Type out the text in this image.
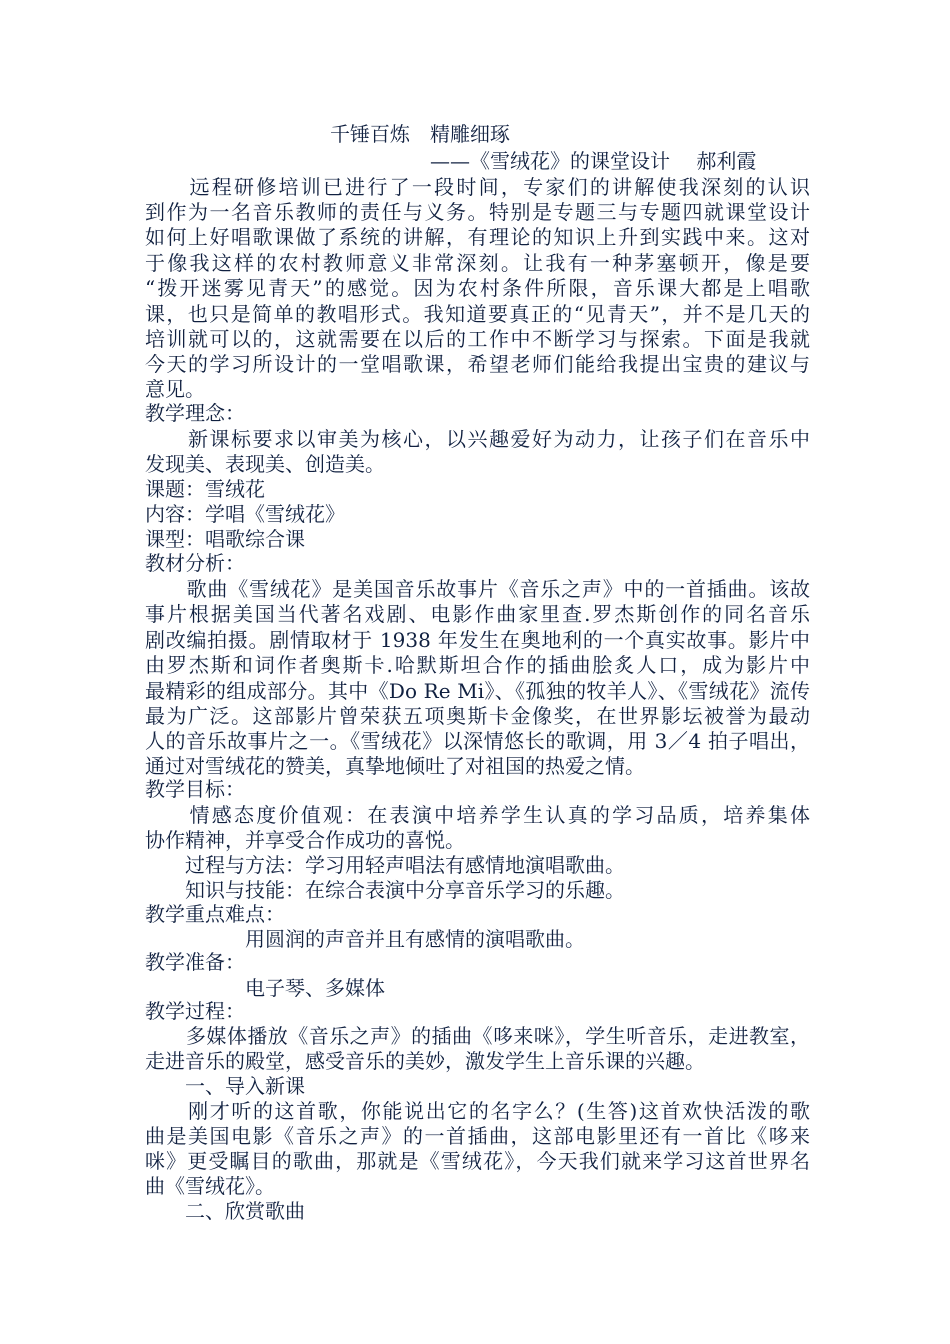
千锤百炼　精雕细琢
——《雪绒花》的课堂设计　 郝利霞
　　远程研修培训已进行了一段时间，专家们的讲解使我深刻的认识
到作为一名音乐教师的责任与义务。特别是专题三与专题四就课堂设计
如何上好唱歌课做了系统的讲解，有理论的知识上升到实践中来。这对
于像我这样的农村教师意义非常深刻。让我有一种茅塞顿开，像是要
“拨开迷雾见青天”的感觉。因为农村条件所限，音乐课大都是上唱歌
课，也只是简单的教唱形式。我知道要真正的“见青天”，并不是几天的
培训就可以的，这就需要在以后的工作中不断学习与探索。下面是我就
今天的学习所设计的一堂唱歌课，希望老师们能给我提出宝贵的建议与
意见。
教学理念：
　　新课标要求以审美为核心，以兴趣爱好为动力，让孩子们在音乐中
发现美、表现美、创造美。
课题：雪绒花
内容：学唱《雪绒花》
课型：唱歌综合课
教材分析：
　　歌曲《雪绒花》是美国音乐故事片《音乐之声》中的一首插曲。该故
事片根据美国当代著名戏剧、电影作曲家里查.罗杰斯创作的同名音乐
剧改编拍摄。剧情取材于 1938 年发生在奥地利的一个真实故事。影片中
由罗杰斯和词作者奥斯卡.哈默斯坦合作的插曲脍炙人口，成为影片中
最精彩的组成部分。其中《Do Re Mi》、《孤独的牧羊人》、《雪绒花》流传
最为广泛。这部影片曾荣获五项奥斯卡金像奖，在世界影坛被誉为最动
人的音乐故事片之一。《雪绒花》以深情悠长的歌调，用 3／4 拍子唱出，
通过对雪绒花的赞美，真挚地倾吐了对祖国的热爱之情。
教学目标：
　　情感态度价值观：在表演中培养学生认真的学习品质，培养集体
协作精神，并享受合作成功的喜悦。
　　过程与方法：学习用轻声唱法有感情地演唱歌曲。
　　知识与技能：在综合表演中分享音乐学习的乐趣。
教学重点难点：
　　　　　用圆润的声音并且有感情的演唱歌曲。
教学准备：
　　　　　电子琴、多媒体
教学过程：
　　多媒体播放《音乐之声》的插曲《哆来咪》，学生听音乐，走进教室，
走进音乐的殿堂，感受音乐的美妙，激发学生上音乐课的兴趣。
　　一、导入新课
　　刚才听的这首歌，你能说出它的名字么？(生答)这首欢快活泼的歌
曲是美国电影《音乐之声》的一首插曲，这部电影里还有一首比《哆来
咪》更受瞩目的歌曲，那就是《雪绒花》，今天我们就来学习这首世界名
曲《雪绒花》。
　　二、欣赏歌曲
